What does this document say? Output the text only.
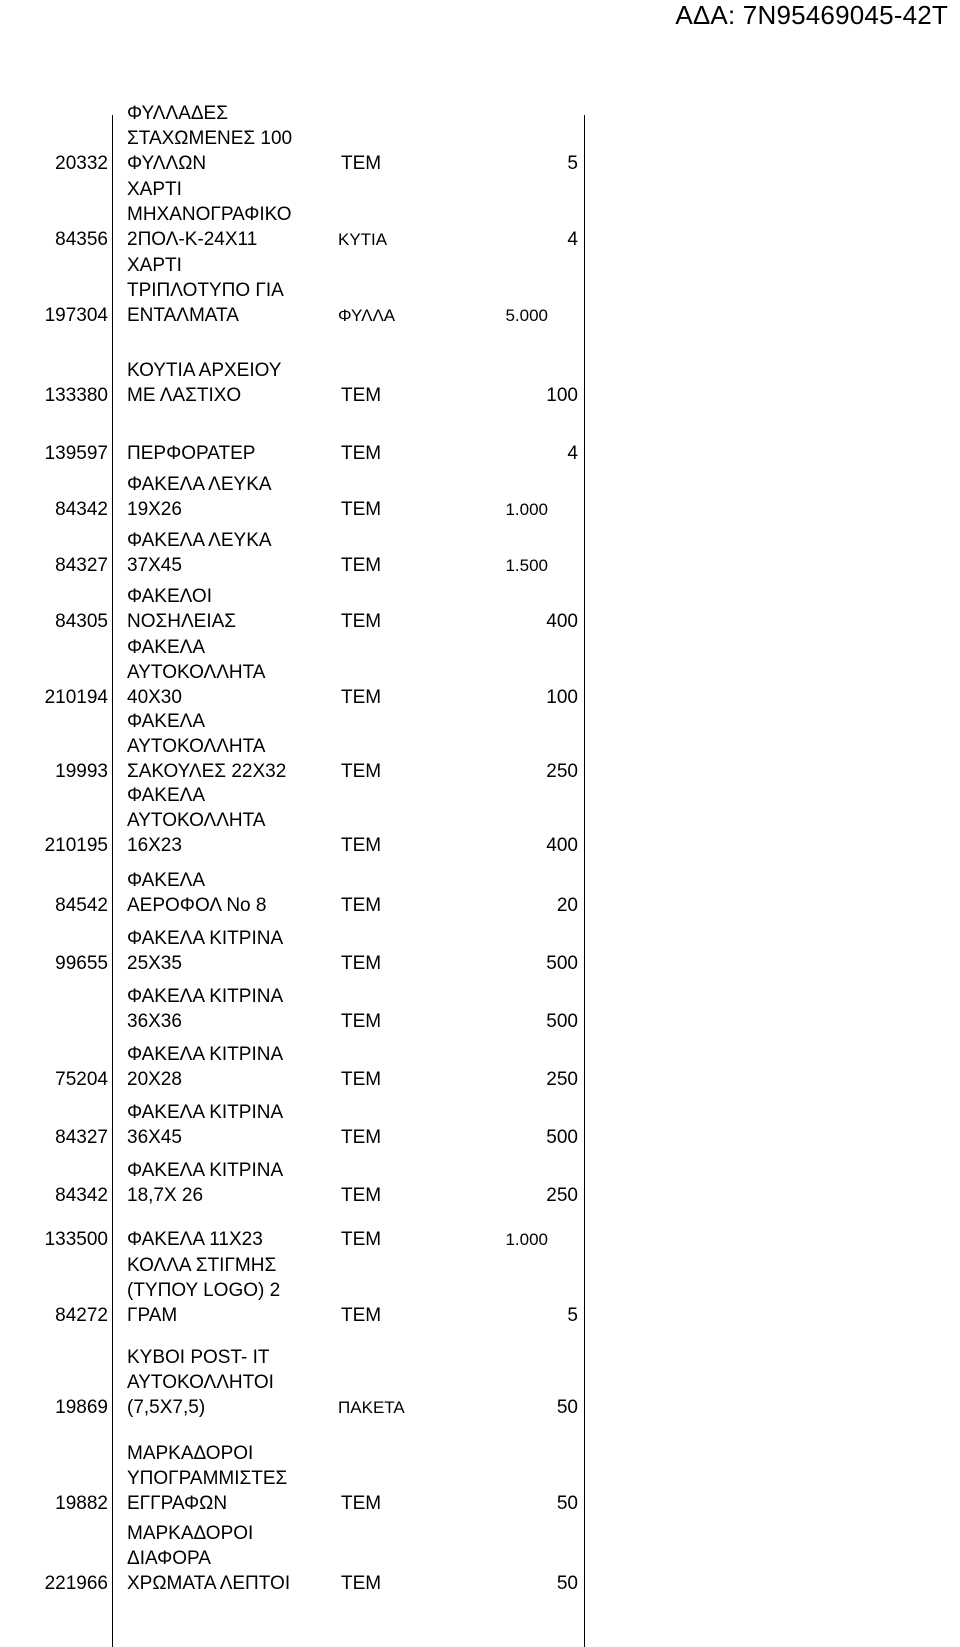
ΑΔΑ: 7Ν95469045-42Τ
20332
ΦΥΛΛΑΔΕΣ
ΣΤΑΧΩΜΕΝΕΣ 100
ΦΥΛΛΩΝ	ΤΕΜ	5
84356
ΧΑΡΤΙ
ΜΗΧΑΝΟΓΡΑΦΙΚΟ
2ΠΟΛ-Κ-24Χ11	ΚΥΤΙΑ	4
197304
ΧΑΡΤΙ
ΤΡΙΠΛΟΤΥΠΟ ΓΙΑ
ΕΝΤΑΛΜΑΤΑ	ΦΥΛΛΑ	5.000
133380
ΚΟΥΤΙΑ ΑΡΧΕΙΟΥ
ΜΕ ΛΑΣΤΙΧΟ	ΤΕΜ	100
139597 ΠΕΡΦΟΡΑΤΕΡ	ΤΕΜ	4
84342
ΦΑΚΕΛΑ ΛΕΥΚΑ
19Χ26	ΤΕΜ	1.000
84327
ΦΑΚΕΛΑ ΛΕΥΚΑ
37Χ45	ΤΕΜ	1.500
84305
ΦΑΚΕΛΟΙ
ΝΟΣΗΛΕΙΑΣ	ΤΕΜ	400
210194
ΦΑΚΕΛΑ
ΑΥΤΟΚΟΛΛΗΤΑ
40Χ30	ΤΕΜ	100
19993
ΦΑΚΕΛΑ
ΑΥΤΟΚΟΛΛΗΤΑ
ΣΑΚΟΥΛΕΣ 22Χ32	ΤΕΜ	250
210195
ΦΑΚΕΛΑ
ΑΥΤΟΚΟΛΛΗΤΑ
16Χ23	ΤΕΜ	400
84542
ΦΑΚΕΛΑ
ΑΕΡΟΦΟΛ Νο 8	ΤΕΜ	20
99655
ΦΑΚΕΛΑ ΚΙΤΡΙΝΑ
25Χ35	ΤΕΜ	500
ΦΑΚΕΛΑ ΚΙΤΡΙΝΑ
36Χ36	ΤΕΜ	500
75204
ΦΑΚΕΛΑ ΚΙΤΡΙΝΑ
20Χ28	ΤΕΜ	250
84327
ΦΑΚΕΛΑ ΚΙΤΡΙΝΑ
36Χ45	ΤΕΜ	500
84342
ΦΑΚΕΛΑ ΚΙΤΡΙΝΑ
18,7Χ 26	ΤΕΜ	250
133500 ΦΑΚΕΛΑ 11Χ23	ΤΕΜ	1.000
84272
ΚΟΛΛΑ ΣΤΙΓΜΗΣ
(ΤΥΠΟΥ LOGO) 2
ΓΡΑΜ	ΤΕΜ	5
19869
ΚΥΒΟΙ POST- IT
ΑΥΤΟΚΟΛΛΗΤΟΙ
(7,5Χ7,5)	ΠΑΚΕΤΑ	50
19882
ΜΑΡΚΑΔΟΡΟΙ
ΥΠΟΓΡΑΜΜΙΣΤΕΣ
ΕΓΓΡΑΦΩΝ	ΤΕΜ	50
221966
ΜΑΡΚΑΔΟΡΟΙ
ΔΙΑΦΟΡΑ
ΧΡΩΜΑΤΑ ΛΕΠΤΟΙ	ΤΕΜ	50
